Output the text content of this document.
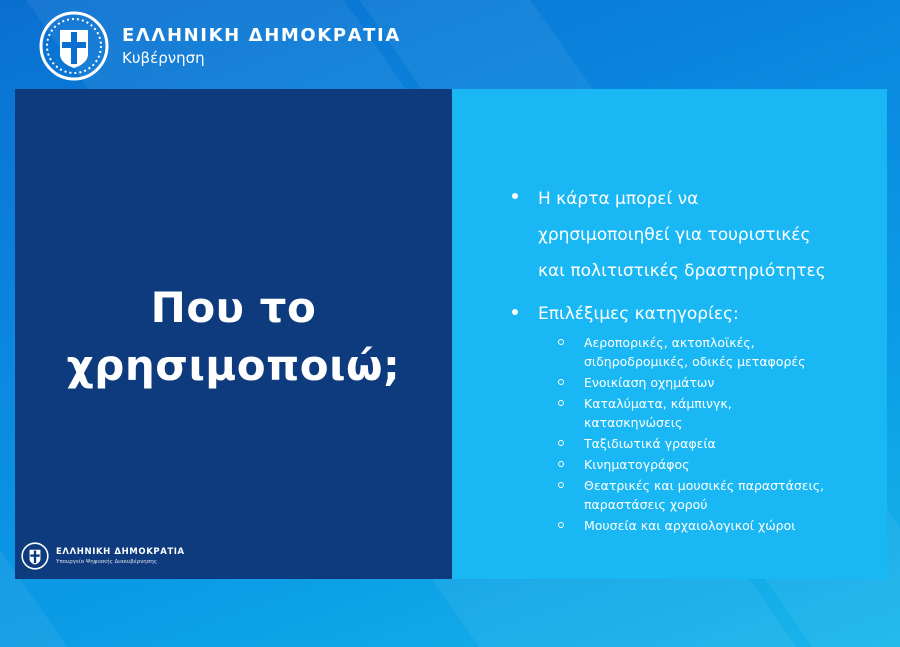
ΕΛΛΗΝΙΚΗ ΔΗΜΟΚΡΑΤΙΑ
Κυβέρνηση
Που το
χρησιμοποιώ;
ΕΛΛΗΝΙΚΗ ΔΗΜΟΚΡΑΤΙΑ
Υπουργείο Ψηφιακής Διακυβέρνησης
Η κάρτα μπορεί να
χρησιμοποιηθεί για τουριστικές
και πολιτιστικές δραστηριότητες
Επιλέξιμες κατηγορίες:
Αεροπορικές, ακτοπλοϊκές,
σιδηροδρομικές, οδικές μεταφορές
Ενοικίαση οχημάτων
Καταλύματα, κάμπινγκ,
κατασκηνώσεις
Ταξιδιωτικά γραφεία
Κινηματογράφος
Θεατρικές και μουσικές παραστάσεις,
παραστάσεις χορού
Μουσεία και αρχαιολογικοί χώροι
